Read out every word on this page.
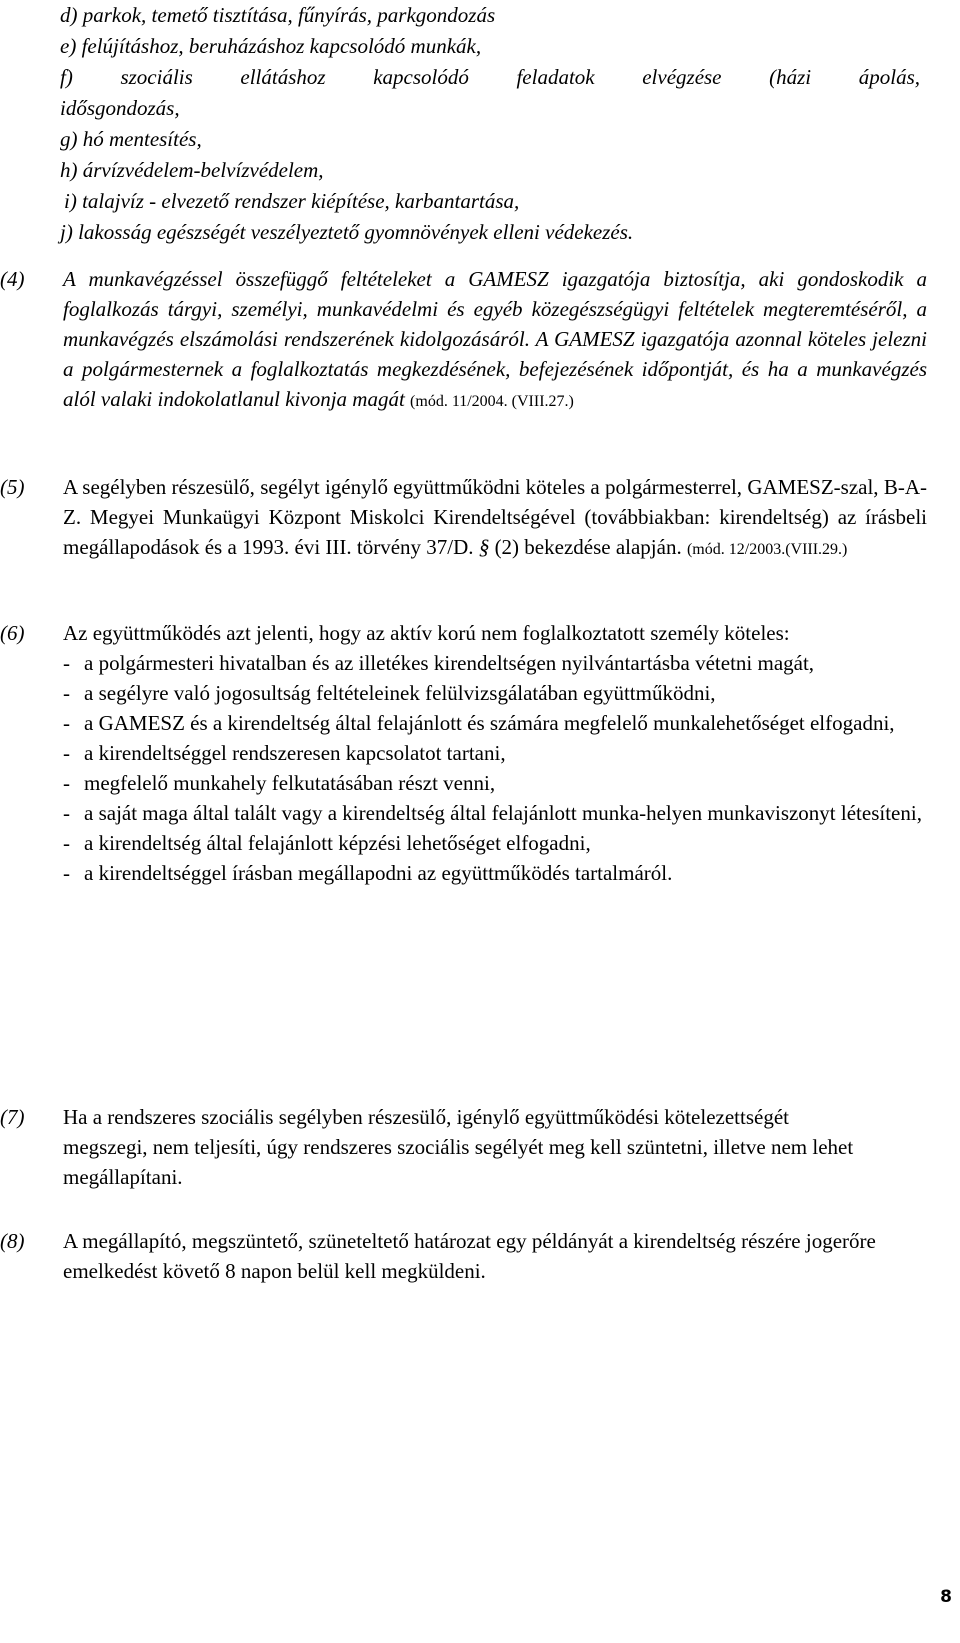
d) parkok, temető tisztítása, fűnyírás, parkgondozás
e) felújításhoz, beruházáshoz kapcsolódó munkák,
f) szociális ellátáshoz kapcsolódó feladatok elvégzése (házi ápolás,
idősgondozás,
g) hó mentesítés,
h) árvízvédelem-belvízvédelem,
i) talajvíz - elvezető rendszer kiépítése, karbantartása,
j) lakosság egészségét veszélyeztető gyomnövények elleni védekezés.
(4) A munkavégzéssel összefüggő feltételeket a GAMESZ igazgatója biztosítja, aki gondoskodik a foglalkozás tárgyi, személyi, munkavédelmi és egyéb közegészségügyi feltételek megteremtéséről, a munkavégzés elszámolási rendszerének kidolgozásáról. A GAMESZ igazgatója azonnal köteles jelezni a polgármesternek a foglalkoztatás megkezdésének, befejezésének időpontját, és ha a munkavégzés alól valaki indokolatlanul kivonja magát (mód. 11/2004. (VIII.27.)
(5) A segélyben részesülő, segélyt igénylő együttműködni köteles a polgármesterrel, GAMESZ-szal, B-A-Z. Megyei Munkaügyi Központ Miskolci Kirendeltségével (továbbiakban: kirendeltség) az írásbeli megállapodások és a 1993. évi III. törvény 37/D. § (2) bekezdése alapján. (mód. 12/2003.(VIII.29.)
(6) Az együttműködés azt jelenti, hogy az aktív korú nem foglalkoztatott személy köteles:
- a polgármesteri hivatalban és az illetékes kirendeltségen nyilvántartásba vétetni magát,
- a segélyre való jogosultság feltételeinek felülvizsgálatában együttműködni,
- a GAMESZ és a kirendeltség által felajánlott és számára megfelelő munkalehetőséget elfogadni,
- a kirendeltséggel rendszeresen kapcsolatot tartani,
- megfelelő munkahely felkutatásában részt venni,
- a saját maga által talált vagy a kirendeltség által felajánlott munka-helyen munkaviszonyt létesíteni,
- a kirendeltség által felajánlott képzési lehetőséget elfogadni,
- a kirendeltséggel írásban megállapodni az együttműködés tartalmáról.
(7) Ha a rendszeres szociális segélyben részesülő, igénylő együttműködési kötelezettségét megszegi, nem teljesíti, úgy rendszeres szociális segélyét meg kell szüntetni, illetve nem lehet megállapítani.
(8) A megállapító, megszüntető, szüneteltető határozat egy példányát a kirendeltség részére jogerőre emelkedést követő 8 napon belül kell megküldeni.
8
